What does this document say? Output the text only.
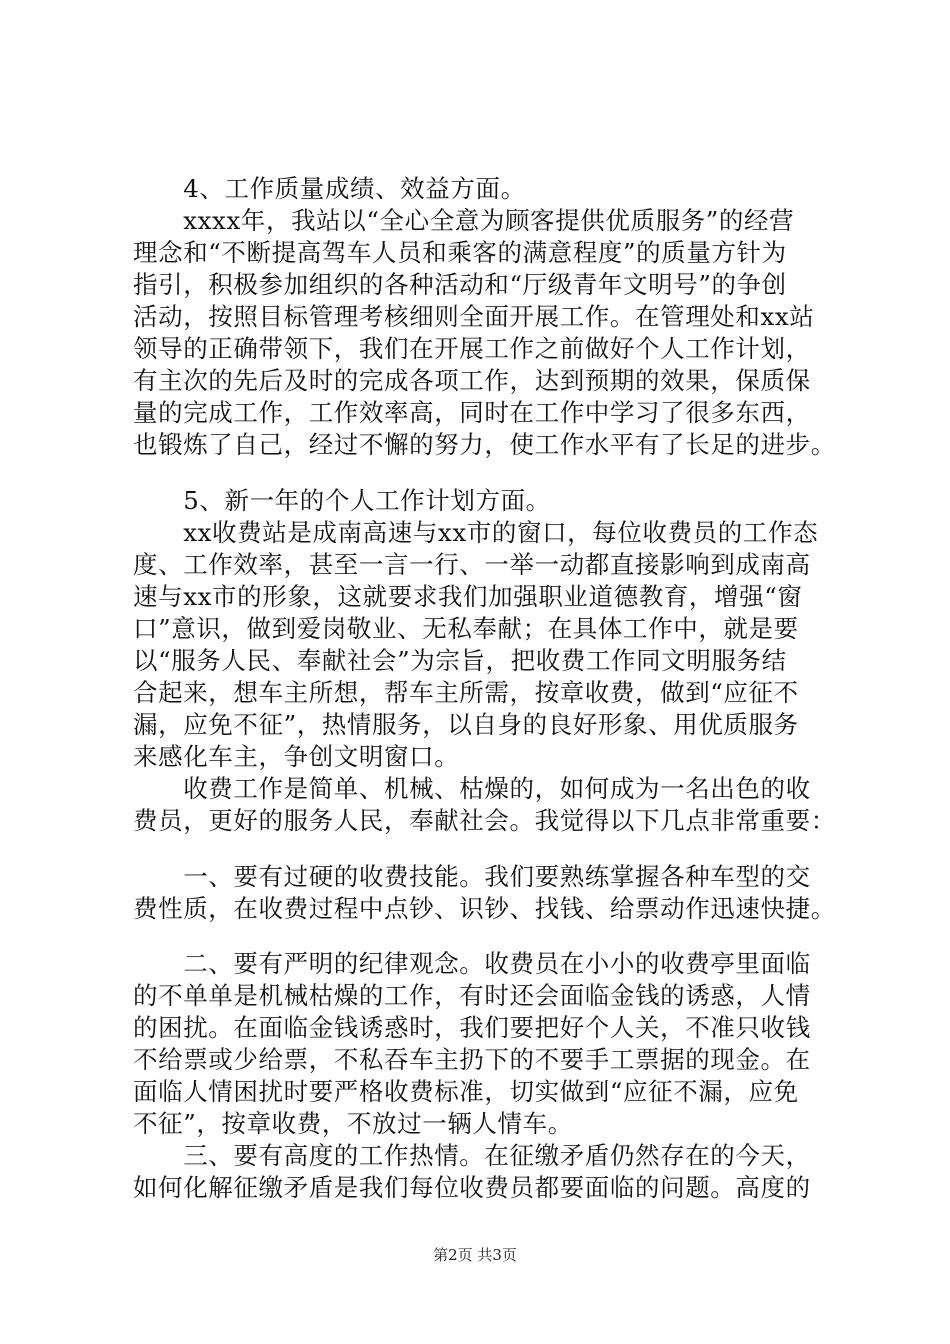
　　4、工作质量成绩、效益方面。
　　xxxx年，我站以“全心全意为顾客提供优质服务”的经营
理念和“不断提高驾车人员和乘客的满意程度”的质量方针为
指引，积极参加组织的各种活动和“厅级青年文明号”的争创
活动，按照目标管理考核细则全面开展工作。在管理处和xx站
领导的正确带领下，我们在开展工作之前做好个人工作计划，
有主次的先后及时的完成各项工作，达到预期的效果，保质保
量的完成工作，工作效率高，同时在工作中学习了很多东西，
也锻炼了自己，经过不懈的努力，使工作水平有了长足的进步。
　　5、新一年的个人工作计划方面。
　　xx收费站是成南高速与xx市的窗口，每位收费员的工作态
度、工作效率，甚至一言一行、一举一动都直接影响到成南高
速与xx市的形象，这就要求我们加强职业道德教育，增强“窗
口”意识，做到爱岗敬业、无私奉献；在具体工作中，就是要
以“服务人民、奉献社会”为宗旨，把收费工作同文明服务结
合起来，想车主所想，帮车主所需，按章收费，做到“应征不
漏，应免不征”，热情服务，以自身的良好形象、用优质服务
来感化车主，争创文明窗口。
　　收费工作是简单、机械、枯燥的，如何成为一名出色的收
费员，更好的服务人民，奉献社会。我觉得以下几点非常重要：
　　一、要有过硬的收费技能。我们要熟练掌握各种车型的交
费性质，在收费过程中点钞、识钞、找钱、给票动作迅速快捷。
　　二、要有严明的纪律观念。收费员在小小的收费亭里面临
的不单单是机械枯燥的工作，有时还会面临金钱的诱惑，人情
的困扰。在面临金钱诱惑时，我们要把好个人关，不准只收钱
不给票或少给票，不私吞车主扔下的不要手工票据的现金。在
面临人情困扰时要严格收费标准，切实做到“应征不漏，应免
不征”，按章收费，不放过一辆人情车。
　　三、要有高度的工作热情。在征缴矛盾仍然存在的今天，
如何化解征缴矛盾是我们每位收费员都要面临的问题。高度的
第2页 共3页
